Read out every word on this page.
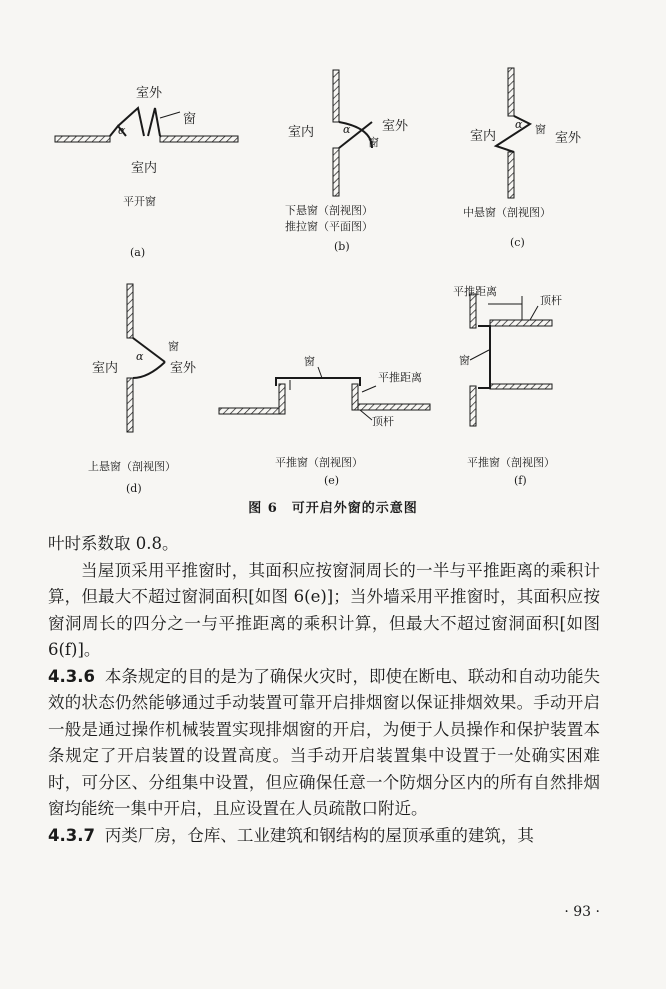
室外
窗
α
室内
平开窗
(a)
室内	室外
窗
α
下悬窗（剖视图）
推拉窗（平面图）
(b)
室内	室外
窗
α
中悬窗（剖视图）
(c)
室内	室外
窗
α
上悬窗（剖视图）
(d)
窗
平推距离
顶杆
平推窗（剖视图）
(e)
平推距离
顶杆
窗
平推窗（剖视图）
(f)
图 6　可开启外窗的示意图

叶时系数取 0.8。

当屋顶采用平推窗时，其面积应按窗洞周长的一半与平推距离的乘积计算，但最大不超过窗洞面积[如图 6(e)]；当外墙采用平推窗时，其面积应按窗洞周长的四分之一与平推距离的乘积计算，但最大不超过窗洞面积[如图 6(f)]。

4.3.6 本条规定的目的是为了确保火灾时，即使在断电、联动和自动功能失效的状态仍然能够通过手动装置可靠开启排烟窗以保证排烟效果。手动开启一般是通过操作机械装置实现排烟窗的开启，为便于人员操作和保护装置本条规定了开启装置的设置高度。当手动开启装置集中设置于一处确实困难时，可分区、分组集中设置，但应确保任意一个防烟分区内的所有自然排烟窗均能统一集中开启，且应设置在人员疏散口附近。

4.3.7 丙类厂房，仓库、工业建筑和钢结构的屋顶承重的建筑，其

· 93 ·
